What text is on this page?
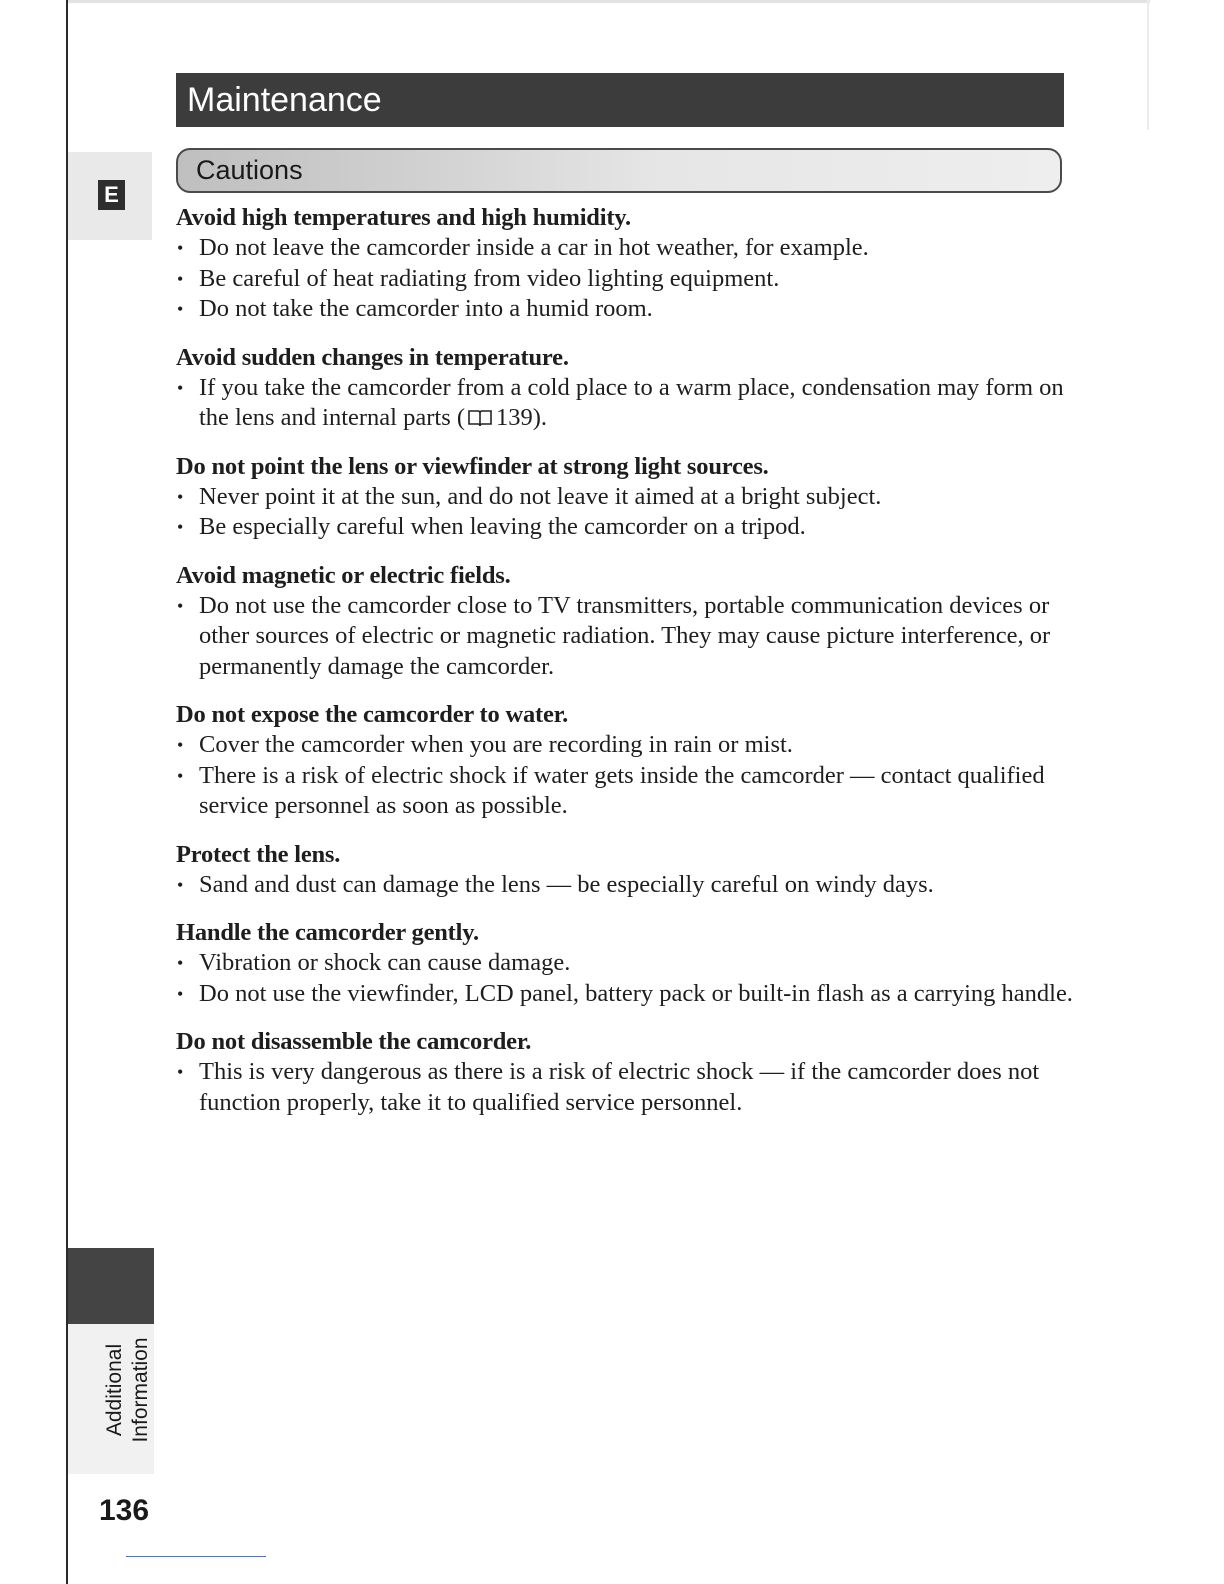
E
Maintenance
Cautions
Avoid high temperatures and high humidity.
• Do not leave the camcorder inside a car in hot weather, for example.
• Be careful of heat radiating from video lighting equipment.
• Do not take the camcorder into a humid room.
Avoid sudden changes in temperature.
• If you take the camcorder from a cold place to a warm place, condensation may form on the lens and internal parts ( 139).
Do not point the lens or viewfinder at strong light sources.
• Never point it at the sun, and do not leave it aimed at a bright subject.
• Be especially careful when leaving the camcorder on a tripod.
Avoid magnetic or electric fields.
• Do not use the camcorder close to TV transmitters, portable communication devices or other sources of electric or magnetic radiation. They may cause picture interference, or permanently damage the camcorder.
Do not expose the camcorder to water.
• Cover the camcorder when you are recording in rain or mist.
• There is a risk of electric shock if water gets inside the camcorder — contact qualified service personnel as soon as possible.
Protect the lens.
• Sand and dust can damage the lens — be especially careful on windy days.
Handle the camcorder gently.
• Vibration or shock can cause damage.
• Do not use the viewfinder, LCD panel, battery pack or built-in flash as a carrying handle.
Do not disassemble the camcorder.
• This is very dangerous as there is a risk of electric shock — if the camcorder does not function properly, take it to qualified service personnel.
Additional Information
136
